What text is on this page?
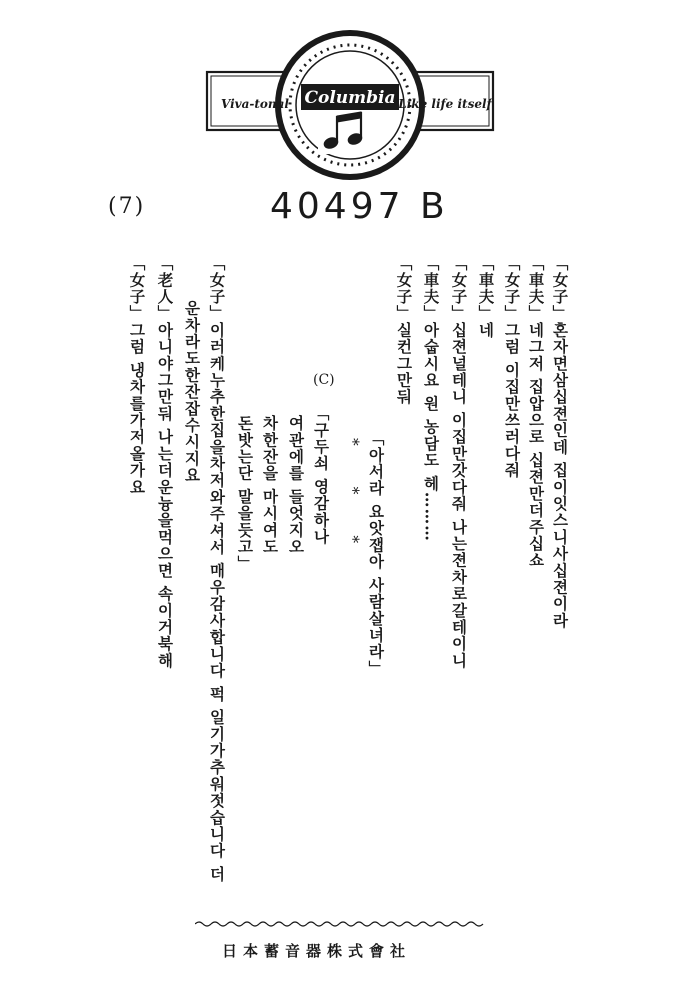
Columbia
Viva-tonal	Like life itself
(7)	40497 B
「女子」혼자면삼십젼인데 집이잇스니사십젼이라
「車夫」네그저 집압으로 십젼만더주십쇼
「女子」그럼 이집만쓰러다줘
「車夫」네
「女子」십젼널테니 이집만갓다줘 나는젼차로갈테이니
「車夫」아숩시요 원 농담도 헤………
「女子」실컨그만둬
「아서라 요앗잽아 사람살녀라」
* * *
(C)
「구두쇠 영감하나
여관에를 들엇지오
차한잔을 마시여도
돈밧는단 말을듯고」
「女子」이러케누추한집을차저와주셔서 매우감사합니다 퍽 일기가추워젓습니다 더
운차라도한잔잡수시지요
「老人」아니야그만둬 나는더운늉을먹으면 속이거북해
「女子」그럼 냉차를가저올가요
日本蓄音器株式會社
